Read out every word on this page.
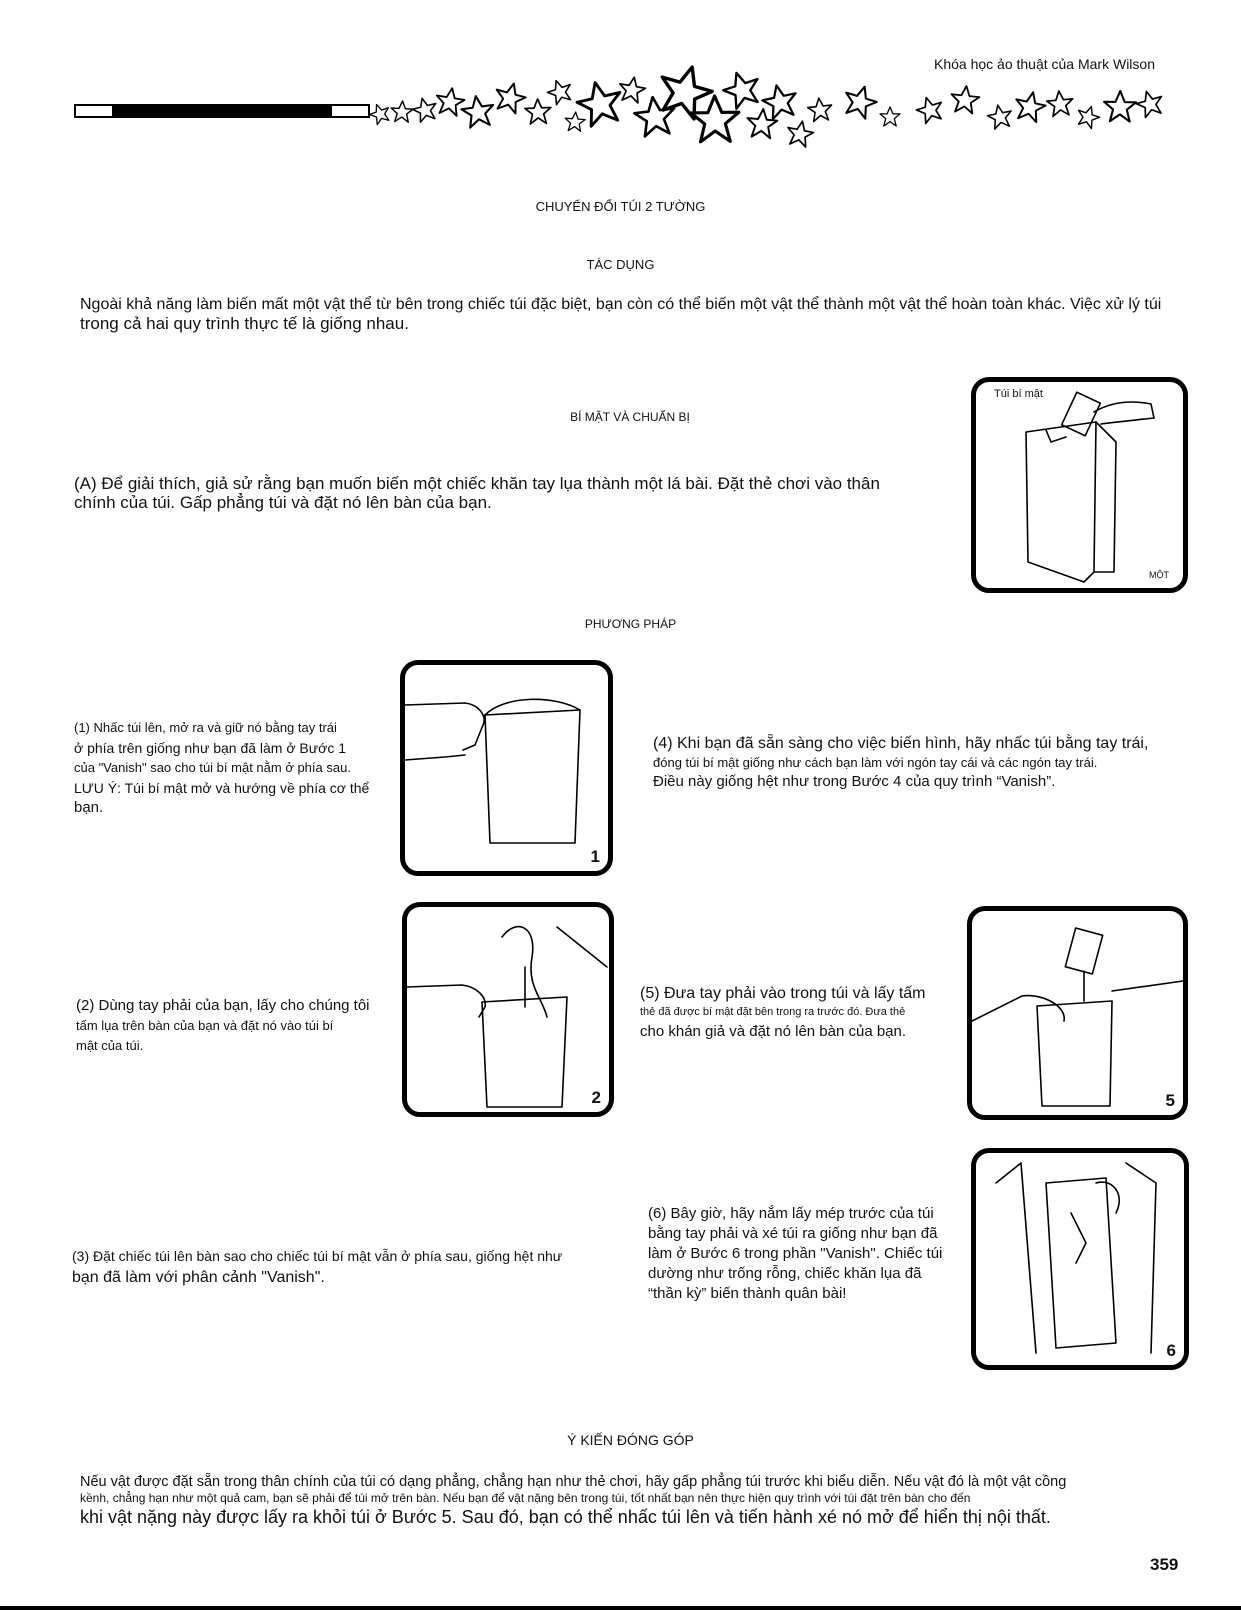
Khóa học ảo thuật của Mark Wilson
CHUYỂN ĐỔI TÚI 2 TƯỜNG
TÁC DỤNG
Ngoài khả năng làm biến mất một vật thể từ bên trong chiếc túi đặc biệt, bạn còn có thể biến một vật thể thành một vật thể hoàn toàn khác. Việc xử lý túi
trong cả hai quy trình thực tế là giống nhau.
BÍ MẬT VÀ CHUẨN BỊ
(A) Để giải thích, giả sử rằng bạn muốn biến một chiếc khăn tay lụa thành một lá bài. Đặt thẻ chơi vào thân
chính của túi. Gấp phẳng túi và đặt nó lên bàn của bạn.
Túi bí mật
MỘT
PHƯƠNG PHÁP
(1) Nhấc túi lên, mở ra và giữ nó bằng tay trái
ở phía trên giống như bạn đã làm ở Bước 1
của "Vanish" sao cho túi bí mật nằm ở phía sau.
LƯU Ý: Túi bí mật mở và hướng về phía cơ thể
bạn.
1
(4) Khi bạn đã sẵn sàng cho việc biến hình, hãy nhấc túi bằng tay trái,
đóng túi bí mật giống như cách bạn làm với ngón tay cái và các ngón tay trái.
Điều này giống hệt như trong Bước 4 của quy trình “Vanish”.
(2) Dùng tay phải của bạn, lấy cho chúng tôi
tấm lụa trên bàn của bạn và đặt nó vào túi bí
mật của túi.
2
(5) Đưa tay phải vào trong túi và lấy tấm
thẻ đã được bí mật đặt bên trong ra trước đó. Đưa thẻ
cho khán giả và đặt nó lên bàn của bạn.
5
(3) Đặt chiếc túi lên bàn sao cho chiếc túi bí mật vẫn ở phía sau, giống hệt như
bạn đã làm với phân cảnh "Vanish".
(6) Bây giờ, hãy nắm lấy mép trước của túi
bằng tay phải và xé túi ra giống như bạn đã
làm ở Bước 6 trong phần "Vanish". Chiếc túi
dường như trống rỗng, chiếc khăn lụa đã
“thần kỳ” biến thành quân bài!
6
Ý KIẾN ĐÓNG GÓP
Nếu vật được đặt sẵn trong thân chính của túi có dạng phẳng, chẳng hạn như thẻ chơi, hãy gấp phẳng túi trước khi biểu diễn. Nếu vật đó là một vật cồng
kềnh, chẳng hạn như một quả cam, bạn sẽ phải để túi mở trên bàn. Nếu bạn để vật nặng bên trong túi, tốt nhất bạn nên thực hiện quy trình với túi đặt trên bàn cho đến
khi vật nặng này được lấy ra khỏi túi ở Bước 5. Sau đó, bạn có thể nhấc túi lên và tiến hành xé nó mở để hiển thị nội thất.
359
